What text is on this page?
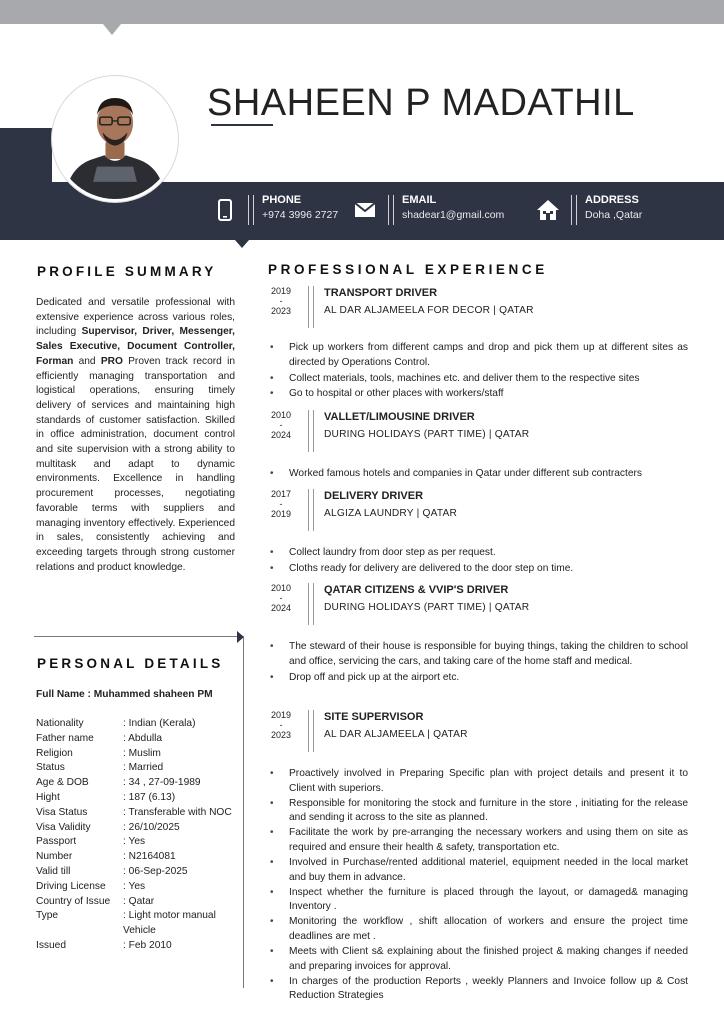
SHAHEEN P MADATHIL
PHONE
+974 3996 2727
EMAIL
shadear1@gmail.com
ADDRESS
Doha ,Qatar
PROFILE SUMMARY
Dedicated and versatile professional with extensive experience across various roles, including Supervisor, Driver, Messenger, Sales Executive, Document Controller, Forman and PRO Proven track record in efficiently managing transportation and logistical operations, ensuring timely delivery of services and maintaining high standards of customer satisfaction. Skilled in office administration, document control and site supervision with a strong ability to multitask and adapt to dynamic environments. Excellence in handling procurement processes, negotiating favorable terms with suppliers and managing inventory effectively. Experienced in sales, consistently achieving and exceeding targets through strong customer relations and product knowledge.
PERSONAL DETAILS
Full Name : Muhammed shaheen PM
Nationality	: Indian (Kerala)
Father name	: Abdulla
Religion	: Muslim
Status	: Married
Age & DOB	: 34 , 27-09-1989
Hight	: 187 (6.13)
Visa Status	: Transferable with NOC
Visa Validity	: 26/10/2025
Passport	: Yes
Number	: N2164081
Valid till	: 06-Sep-2025
Driving License	: Yes
Country of Issue	: Qatar
Type	: Light motor manual Vehicle
Issued	: Feb 2010
PROFESSIONAL EXPERIENCE
2019
-
2023
TRANSPORT DRIVER
AL DAR ALJAMEELA FOR DECOR | QATAR
• Pick up workers from different camps and drop and pick them up at different sites as directed by Operations Control.
• Collect materials, tools, machines etc. and deliver them to the respective sites
• Go to hospital or other places with workers/staff
2010
-
2024
VALLET/LIMOUSINE DRIVER
DURING HOLIDAYS (PART TIME) | QATAR
• Worked famous hotels and companies in Qatar under different sub contracters
2017
-
2019
DELIVERY DRIVER
ALGIZA LAUNDRY | QATAR
• Collect laundry from door step as per request.
• Cloths ready for delivery are delivered to the door step on time.
2010
-
2024
QATAR CITIZENS & VVIP'S DRIVER
DURING HOLIDAYS (PART TIME) | QATAR
• The steward of their house is responsible for buying things, taking the children to school and office, servicing the cars, and taking care of the home staff and medical.
• Drop off and pick up at the airport etc.
2019
-
2023
SITE SUPERVISOR
AL DAR ALJAMEELA | QATAR
• Proactively involved in Preparing Specific plan with project details and present it to Client with superiors.
• Responsible for monitoring the stock and furniture in the store , initiating for the release and sending it across to the site as planned.
• Facilitate the work by pre-arranging the necessary workers and using them on site as required and ensure their health & safety, transportation etc.
• Involved in Purchase/rented additional materiel, equipment needed in the local market and buy them in advance.
• Inspect whether the furniture is placed through the layout, or damaged& managing Inventory .
• Monitoring the workflow , shift allocation of workers and ensure the project time deadlines are met .
• Meets with Client s& explaining about the finished project & making changes if needed and preparing invoices for approval.
• In charges of the production Reports , weekly Planners and Invoice follow up & Cost Reduction Strategies
